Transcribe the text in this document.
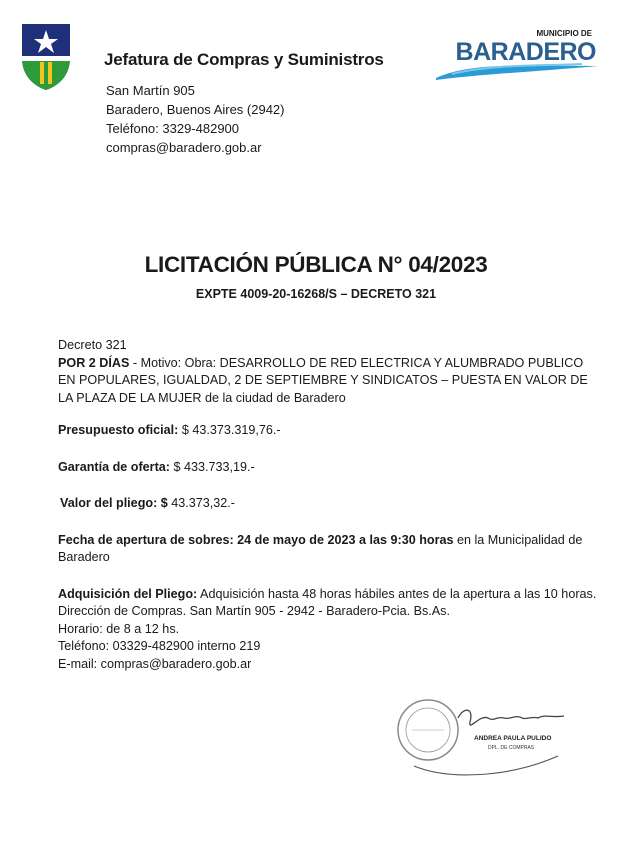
Jefatura de Compras y Suministros
San Martín 905
Baradero, Buenos Aires (2942)
Teléfono: 3329-482900
compras@baradero.gob.ar
MUNICIPIO DE
BARADERO
LICITACIÓN PÚBLICA N° 04/2023
EXPTE 4009-20-16268/S – DECRETO 321

Decreto 321

POR 2 DÍAS - Motivo: Obra: DESARROLLO DE RED ELECTRICA Y ALUMBRADO PUBLICO EN POPULARES, IGUALDAD, 2 DE SEPTIEMBRE Y SINDICATOS – PUESTA EN VALOR DE LA PLAZA DE LA MUJER de la ciudad de Baradero

Presupuesto oficial: $ 43.373.319,76.-

Garantía de oferta: $ 433.733,19.-

Valor del pliego: $ 43.373,32.-

Fecha de apertura de sobres: 24 de mayo de 2023 a las 9:30 horas en la Municipalidad de Baradero

Adquisición del Pliego: Adquisición hasta 48 horas hábiles antes de la apertura a las 10 horas.

Dirección de Compras. San Martín 905 - 2942 - Baradero-Pcia. Bs.As.

Horario: de 8 a 12 hs.

Teléfono: 03329-482900 interno 219

E-mail: compras@baradero.gob.ar

ANDREA PAULA PULIDO
DPL. DE COMPRAS
